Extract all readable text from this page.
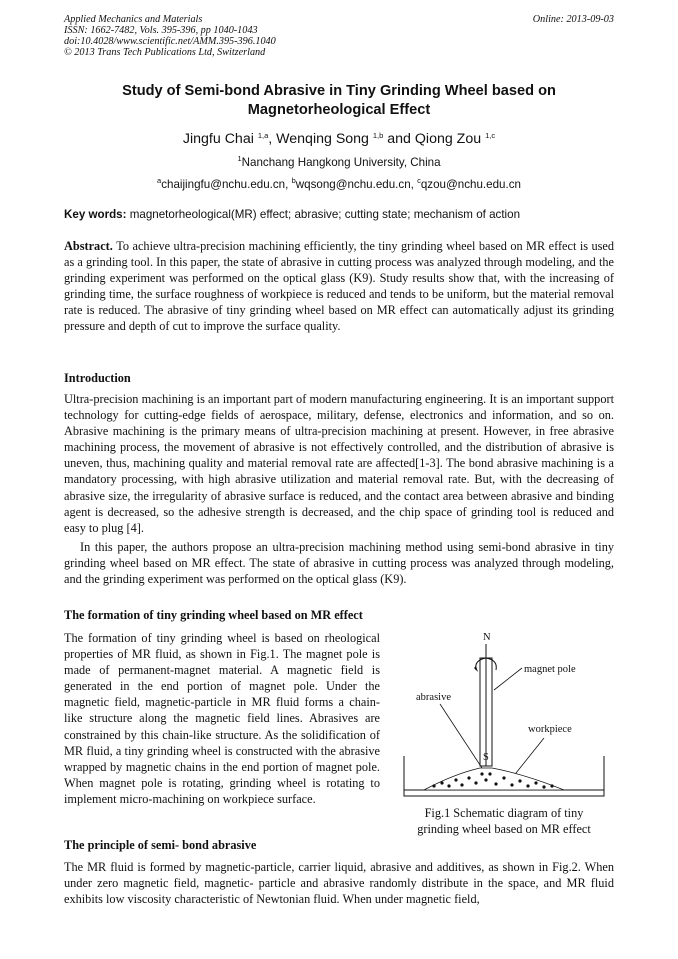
Applied Mechanics and Materials
ISSN: 1662-7482, Vols. 395-396, pp 1040-1043
doi:10.4028/www.scientific.net/AMM.395-396.1040
© 2013 Trans Tech Publications Ltd, Switzerland
Online: 2013-09-03
Study of Semi-bond Abrasive in Tiny Grinding Wheel based on
Magnetorheological Effect
Jingfu Chai $^{1,a}$, Wenqing Song $^{1,b}$ and Qiong Zou $^{1,c}$
$^1$Nanchang Hangkong University, China
$^a$chaijingfu@nchu.edu.cn, $^b$wqsong@nchu.edu.cn, $^c$qzou@nchu.edu.cn
Key words: magnetorheological(MR) effect; abrasive; cutting state; mechanism of action

Abstract. To achieve ultra-precision machining efficiently, the tiny grinding wheel based on MR effect is used as a grinding tool. In this paper, the state of abrasive in cutting process was analyzed through modeling, and the grinding experiment was performed on the optical glass (K9). Study results show that, with the increasing of grinding time, the surface roughness of workpiece is reduced and tends to be uniform, but the material removal rate is reduced. The abrasive of tiny grinding wheel based on MR effect can automatically adjust its grinding pressure and depth of cut to improve the surface quality.

Introduction

Ultra-precision machining is an important part of modern manufacturing engineering. It is an important support technology for cutting-edge fields of aerospace, military, defense, electronics and information, and so on. Abrasive machining is the primary means of ultra-precision machining at present. However, in free abrasive machining process, the movement of abrasive is not effectively controlled, and the distribution of abrasive is uneven, thus, machining quality and material removal rate are affected[1-3]. The bond abrasive machining is a mandatory processing, with high abrasive utilization and material removal rate. But, with the decreasing of abrasive size, the irregularity of abrasive surface is reduced, and the contact area between abrasive and binding agent is decreased, so the adhesive strength is decreased, and the chip space of grinding tool is reduced and easy to plug [4].

In this paper, the authors propose an ultra-precision machining method using semi-bond abrasive in tiny grinding wheel based on MR effect. The state of abrasive in cutting process was analyzed through modeling, and the grinding experiment was performed on the optical glass (K9).

The formation of tiny grinding wheel based on MR effect

The formation of tiny grinding wheel is based on rheological properties of MR fluid, as shown in Fig.1. The magnet pole is made of permanent-magnet material. A magnetic field is generated in the end portion of magnet pole. Under the magnetic field, magnetic-particle in MR fluid forms a chain-like structure along the magnetic field lines. Abrasives are constrained by this chain-like structure. As the solidification of MR fluid, a tiny grinding wheel is constructed with the abrasive wrapped by magnetic chains in the end portion of magnet pole. When magnet pole is rotating, grinding wheel is rotating to implement micro-machining on workpiece surface.

N
magnet pole
abrasive
workpiece
S
Fig.1 Schematic diagram of tiny
grinding wheel based on MR effect
The principle of semi- bond abrasive

The MR fluid is formed by magnetic-particle, carrier liquid, abrasive and additives, as shown in Fig.2. When under zero magnetic field, magnetic- particle and abrasive randomly distribute in the space, and MR fluid exhibits low viscosity characteristic of Newtonian fluid. When under magnetic field,
